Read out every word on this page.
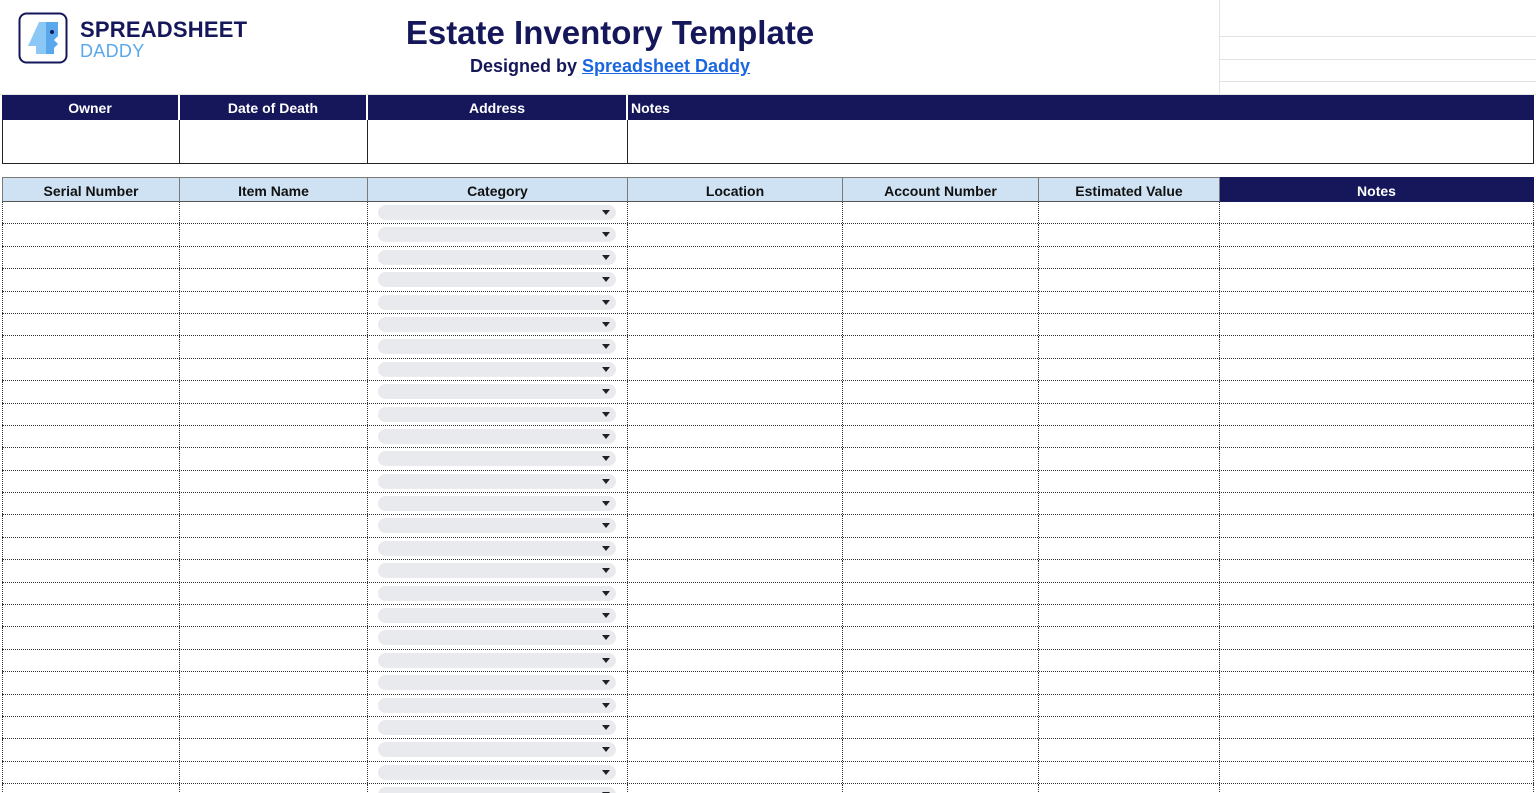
SPREADSHEET
DADDY	Estate Inventory Template
Designed by Spreadsheet Daddy
Owner	Date of Death	Address	Notes
Serial Number	Item Name	Category	Location	Account Number	Estimated Value	Notes
